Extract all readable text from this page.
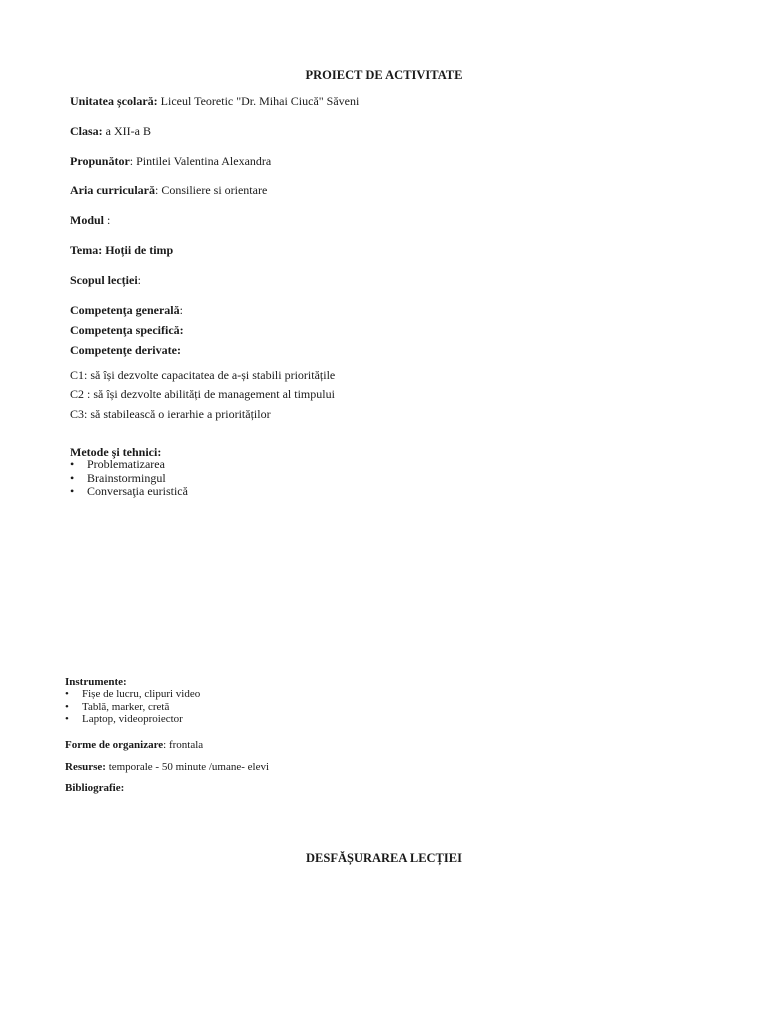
PROIECT DE ACTIVITATE
Unitatea școlară: Liceul Teoretic "Dr. Mihai Ciucă" Săveni
Clasa: a XII-a B
Propunător: Pintilei Valentina Alexandra
Aria curriculară: Consiliere si orientare
Modul :
Tema: Hoții de timp
Scopul lecției:
Competenţa generală:
Competenţa specifică:
Competenţe derivate:
C1: să își dezvolte capacitatea de a-și stabili prioritățile
C2 : să își dezvolte abilități de management al timpului
C3: să stabilească o ierarhie a priorităților
Metode şi tehnici:
• Problematizarea
• Brainstormingul
• Conversaţia euristică
Instrumente:
• Fișe de lucru, clipuri video
• Tablă, marker, cretă
• Laptop, videoproiector
Forme de organizare: frontala
Resurse: temporale - 50 minute /umane- elevi
Bibliografie:
DESFĂȘURAREA LECȚIEI
